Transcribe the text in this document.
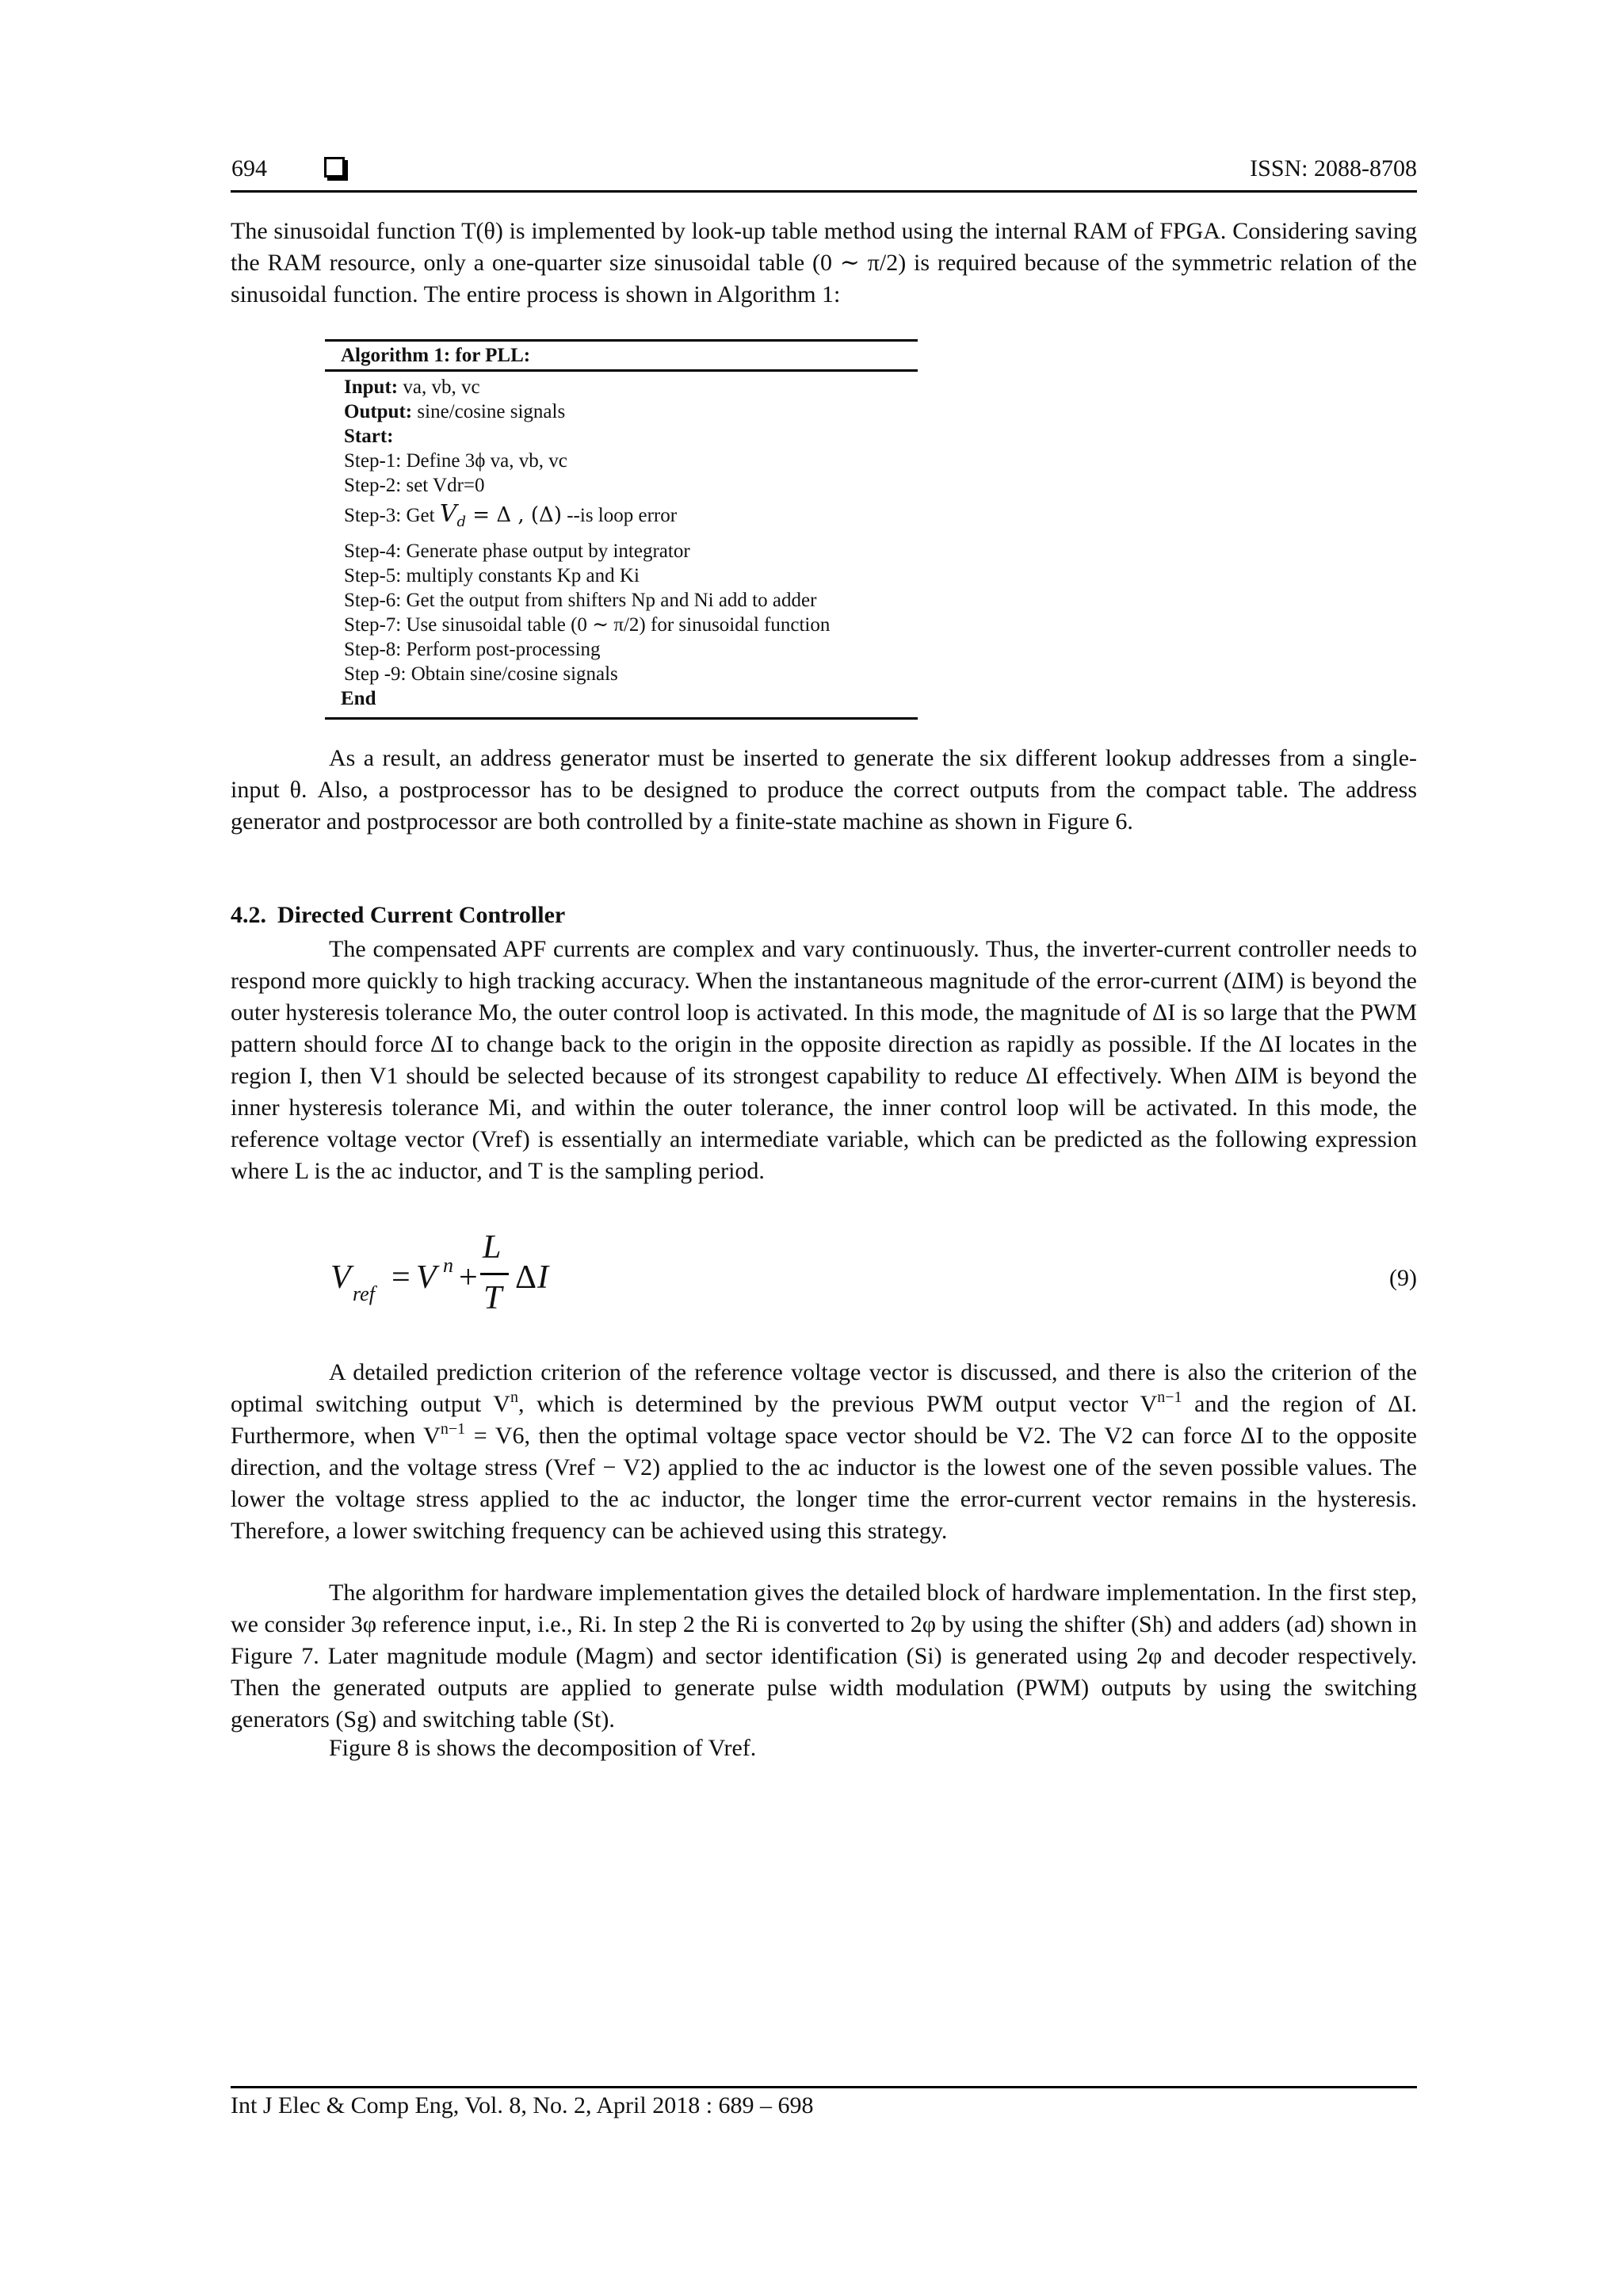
694	ISSN: 2088-8708

The sinusoidal function T(θ) is implemented by look-up table method using the internal RAM of FPGA. Considering saving the RAM resource, only a one-quarter size sinusoidal table (0 ∼ π/2) is required because of the symmetric relation of the sinusoidal function. The entire process is shown in Algorithm 1:

Algorithm 1: for PLL:
Input: va, vb, vc
Output: sine/cosine signals
Start:
Step-1: Define 3ϕ va, vb, vc
Step-2: set Vdr=0
Step-3: Get $V_d = \Delta$ , (Δ) --is loop error
Step-4: Generate phase output by integrator
Step-5: multiply constants Kp and Ki
Step-6: Get the output from shifters Np and Ni add to adder
Step-7: Use sinusoidal table (0 ∼ π/2) for sinusoidal function
Step-8: Perform post-processing
Step -9: Obtain sine/cosine signals
End

As a result, an address generator must be inserted to generate the six different lookup addresses from a single-input θ. Also, a postprocessor has to be designed to produce the correct outputs from the compact table. The address generator and postprocessor are both controlled by a finite-state machine as shown in Figure 6.

4.2. Directed Current Controller

The compensated APF currents are complex and vary continuously. Thus, the inverter-current controller needs to respond more quickly to high tracking accuracy. When the instantaneous magnitude of the error-current (ΔIM) is beyond the outer hysteresis tolerance Mo, the outer control loop is activated. In this mode, the magnitude of ΔI is so large that the PWM pattern should force ΔI to change back to the origin in the opposite direction as rapidly as possible. If the ΔI locates in the region I, then V1 should be selected because of its strongest capability to reduce ΔI effectively. When ΔIM is beyond the inner hysteresis tolerance Mi, and within the outer tolerance, the inner control loop will be activated. In this mode, the reference voltage vector (Vref) is essentially an intermediate variable, which can be predicted as the following expression where L is the ac inductor, and T is the sampling period.

V ref = V n +
L
T
Δ I	(9)

A detailed prediction criterion of the reference voltage vector is discussed, and there is also the criterion of the optimal switching output $V^n$, which is determined by the previous PWM output vector $V^{n-1}$ and the region of ΔI. Furthermore, when $V^{n-1} = V6$, then the optimal voltage space vector should be V2. The V2 can force ΔI to the opposite direction, and the voltage stress (Vref − V2) applied to the ac inductor is the lowest one of the seven possible values. The lower the voltage stress applied to the ac inductor, the longer time the error-current vector remains in the hysteresis. Therefore, a lower switching frequency can be achieved using this strategy.

The algorithm for hardware implementation gives the detailed block of hardware implementation. In the first step, we consider 3φ reference input, i.e., Ri. In step 2 the Ri is converted to 2φ by using the shifter (Sh) and adders (ad) shown in Figure 7. Later magnitude module (Magm) and sector identification (Si) is generated using 2φ and decoder respectively. Then the generated outputs are applied to generate pulse width modulation (PWM) outputs by using the switching generators (Sg) and switching table (St).

Figure 8 is shows the decomposition of Vref.

Int J Elec & Comp Eng, Vol. 8, No. 2, April 2018 : 689 – 698
